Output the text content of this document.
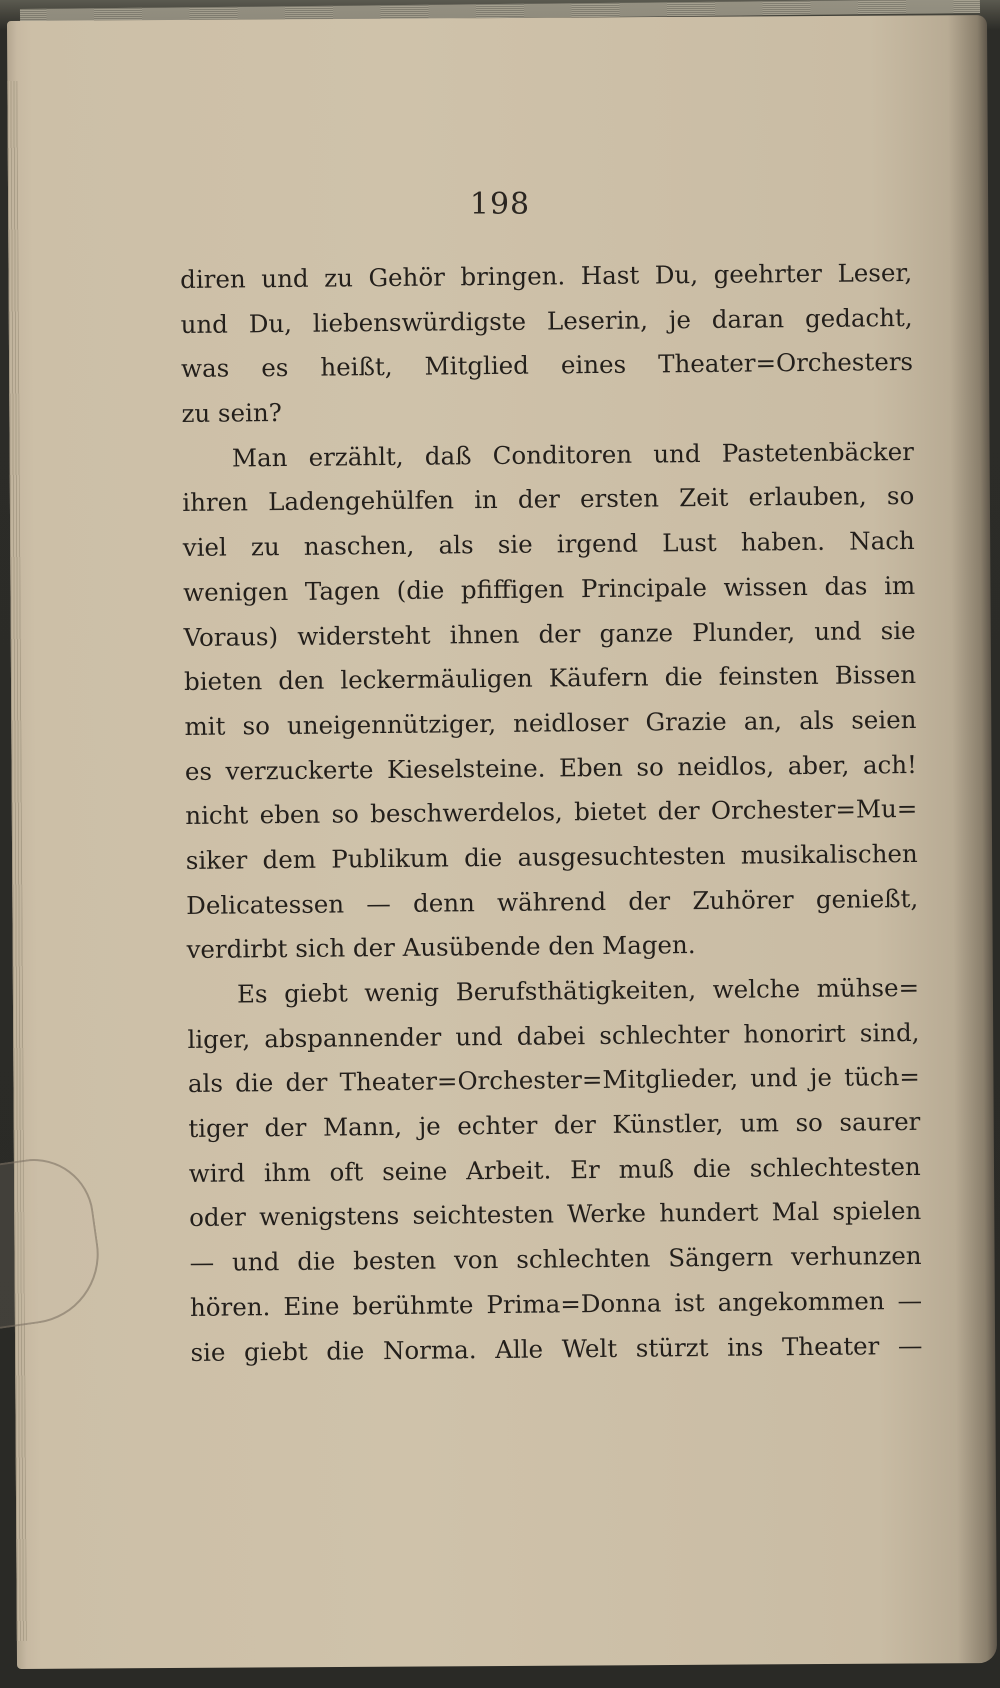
198
diren und zu Gehör bringen. Hast Du, geehrter Leser,
und Du, liebenswürdigste Leserin, je daran gedacht,
was es heißt, Mitglied eines Theater=Orchesters
zu sein?
Man erzählt, daß Conditoren und Pastetenbäcker
ihren Ladengehülfen in der ersten Zeit erlauben, so
viel zu naschen, als sie irgend Lust haben. Nach
wenigen Tagen (die pfiffigen Principale wissen das im
Voraus) widersteht ihnen der ganze Plunder, und sie
bieten den leckermäuligen Käufern die feinsten Bissen
mit so uneigennütziger, neidloser Grazie an, als seien
es verzuckerte Kieselsteine. Eben so neidlos, aber, ach!
nicht eben so beschwerdelos, bietet der Orchester=Mu=
siker dem Publikum die ausgesuchtesten musikalischen
Delicatessen — denn während der Zuhörer genießt,
verdirbt sich der Ausübende den Magen.
Es giebt wenig Berufsthätigkeiten, welche mühse=
liger, abspannender und dabei schlechter honorirt sind,
als die der Theater=Orchester=Mitglieder, und je tüch=
tiger der Mann, je echter der Künstler, um so saurer
wird ihm oft seine Arbeit. Er muß die schlechtesten
oder wenigstens seichtesten Werke hundert Mal spielen
— und die besten von schlechten Sängern verhunzen
hören. Eine berühmte Prima=Donna ist angekommen —
sie giebt die Norma. Alle Welt stürzt ins Theater —
